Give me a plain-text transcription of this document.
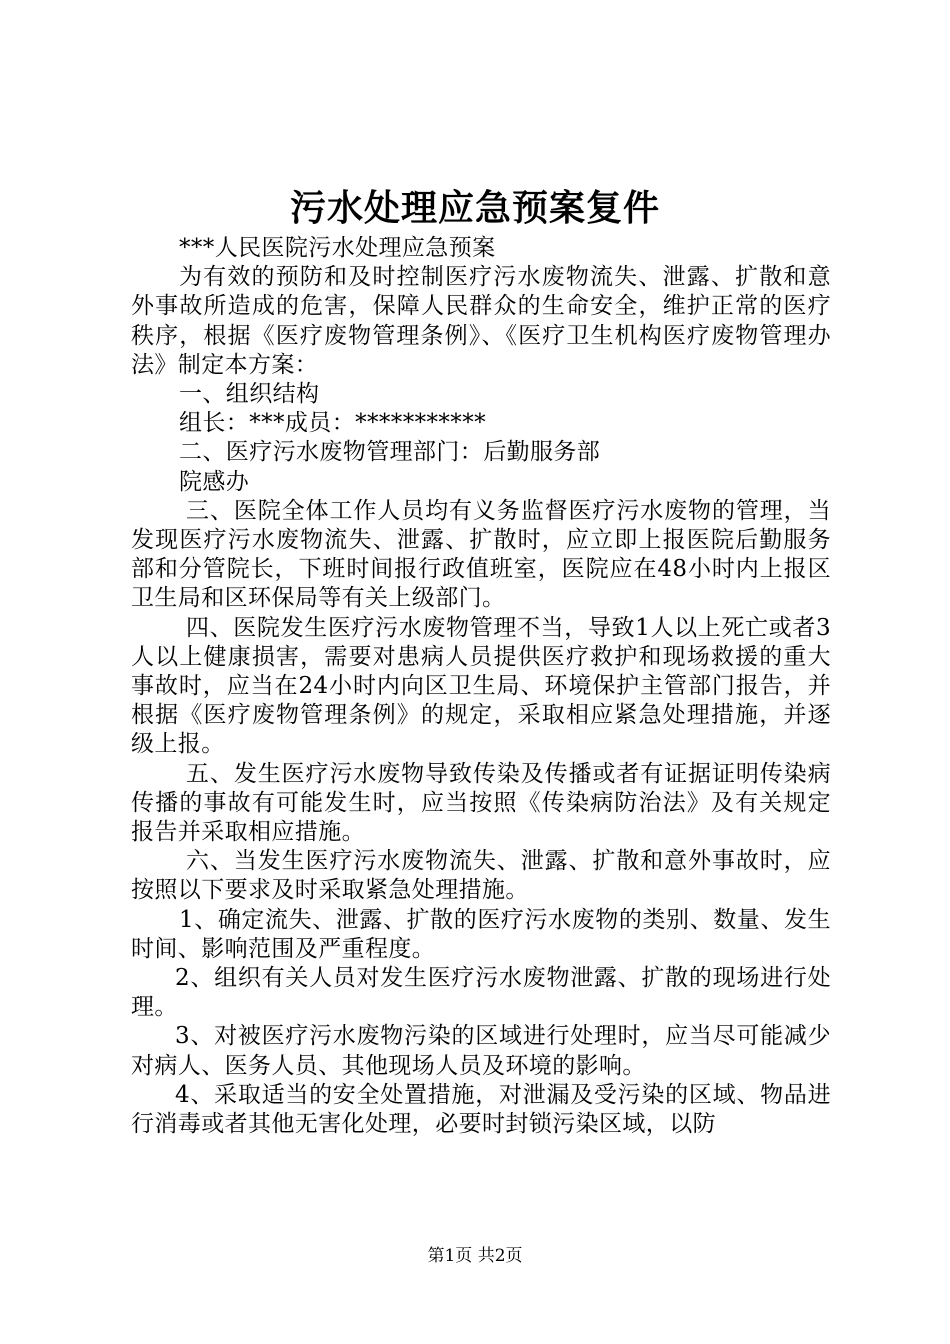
污水处理应急预案复件

***人民医院污水处理应急预案

为有效的预防和及时控制医疗污水废物流失、泄露、扩散和意外事故所造成的危害，保障人民群众的生命安全，维护正常的医疗秩序，根据《医疗废物管理条例》、《医疗卫生机构医疗废物管理办法》制定本方案：

一、组织结构

组长：***成员：***********

二、医疗污水废物管理部门：后勤服务部

院感办

三、医院全体工作人员均有义务监督医疗污水废物的管理，当发现医疗污水废物流失、泄露、扩散时，应立即上报医院后勤服务部和分管院长，下班时间报行政值班室，医院应在48小时内上报区卫生局和区环保局等有关上级部门。

四、医院发生医疗污水废物管理不当，导致1人以上死亡或者3人以上健康损害，需要对患病人员提供医疗救护和现场救援的重大事故时，应当在24小时内向区卫生局、环境保护主管部门报告，并根据《医疗废物管理条例》的规定，采取相应紧急处理措施，并逐级上报。

五、发生医疗污水废物导致传染及传播或者有证据证明传染病传播的事故有可能发生时，应当按照《传染病防治法》及有关规定报告并采取相应措施。

六、当发生医疗污水废物流失、泄露、扩散和意外事故时，应按照以下要求及时采取紧急处理措施。

1、确定流失、泄露、扩散的医疗污水废物的类别、数量、发生时间、影响范围及严重程度。

2、组织有关人员对发生医疗污水废物泄露、扩散的现场进行处理。

3、对被医疗污水废物污染的区域进行处理时，应当尽可能减少对病人、医务人员、其他现场人员及环境的影响。

4、采取适当的安全处置措施，对泄漏及受污染的区域、物品进行消毒或者其他无害化处理，必要时封锁污染区域，以防

第1页 共2页
